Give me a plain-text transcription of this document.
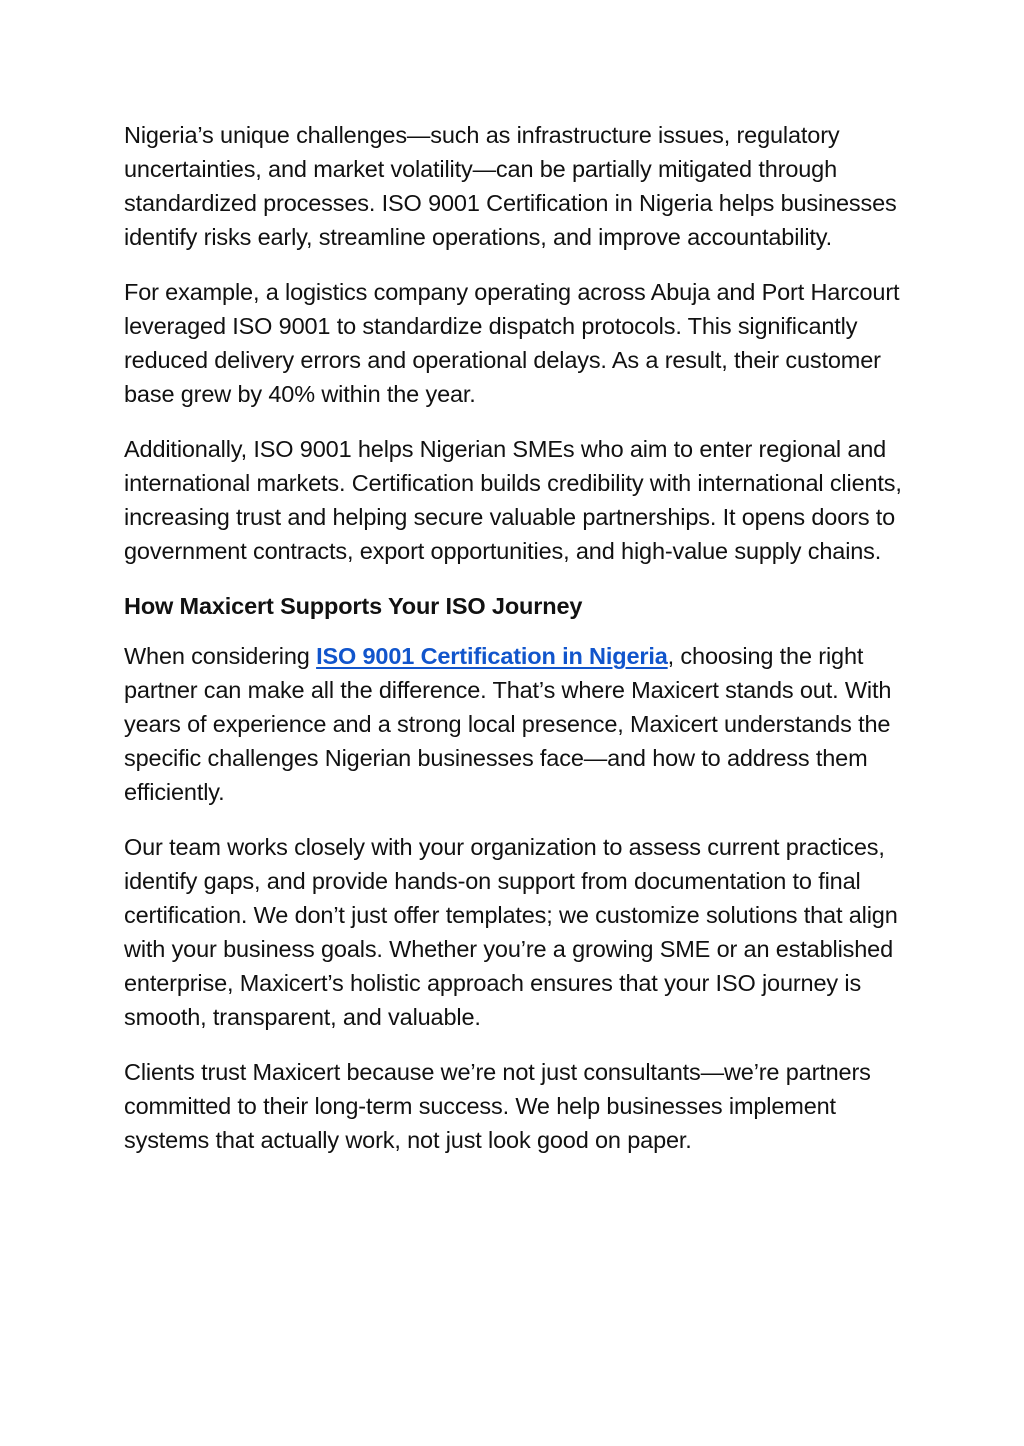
Nigeria’s unique challenges—such as infrastructure issues, regulatory uncertainties, and market volatility—can be partially mitigated through standardized processes. ISO 9001 Certification in Nigeria helps businesses identify risks early, streamline operations, and improve accountability.

For example, a logistics company operating across Abuja and Port Harcourt leveraged ISO 9001 to standardize dispatch protocols. This significantly reduced delivery errors and operational delays. As a result, their customer base grew by 40% within the year.

Additionally, ISO 9001 helps Nigerian SMEs who aim to enter regional and international markets. Certification builds credibility with international clients, increasing trust and helping secure valuable partnerships. It opens doors to government contracts, export opportunities, and high-value supply chains.

How Maxicert Supports Your ISO Journey

When considering ISO 9001 Certification in Nigeria, choosing the right partner can make all the difference. That’s where Maxicert stands out. With years of experience and a strong local presence, Maxicert understands the specific challenges Nigerian businesses face—and how to address them efficiently.

Our team works closely with your organization to assess current practices, identify gaps, and provide hands-on support from documentation to final certification. We don’t just offer templates; we customize solutions that align with your business goals. Whether you’re a growing SME or an established enterprise, Maxicert’s holistic approach ensures that your ISO journey is smooth, transparent, and valuable.

Clients trust Maxicert because we’re not just consultants—we’re partners committed to their long-term success. We help businesses implement systems that actually work, not just look good on paper.
